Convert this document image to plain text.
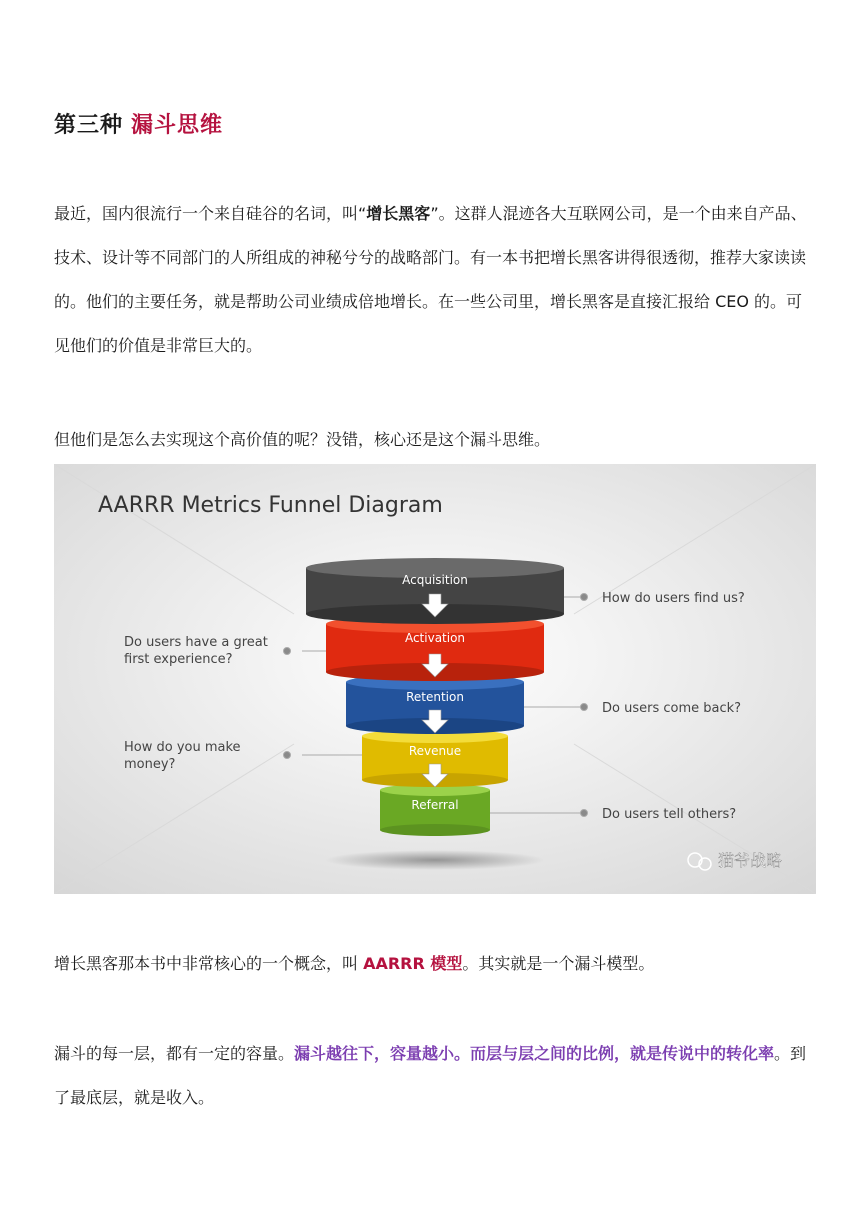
第三种 漏斗思维
最近，国内很流行一个来自硅谷的名词，叫“增长黑客”。这群人混迹各大互联网公司，是一个由来自产品、技术、设计等不同部门的人所组成的神秘兮兮的战略部门。有一本书把增长黑客讲得很透彻，推荐大家读读的。他们的主要任务，就是帮助公司业绩成倍地增长。在一些公司里，增长黑客是直接汇报给 CEO 的。可见他们的价值是非常巨大的。
但他们是怎么去实现这个高价值的呢？没错，核心还是这个漏斗思维。
AARRR Metrics Funnel Diagram
Referral
Revenue
Retention
Activation
Acquisition
How do users find us?
Do users have a great first experience?
Do users come back?
How do you make money?
Do users tell others?
猫爷战略
增长黑客那本书中非常核心的一个概念，叫 AARRR 模型。其实就是一个漏斗模型。
漏斗的每一层，都有一定的容量。漏斗越往下，容量越小。而层与层之间的比例，就是传说中的转化率。到了最底层，就是收入。
